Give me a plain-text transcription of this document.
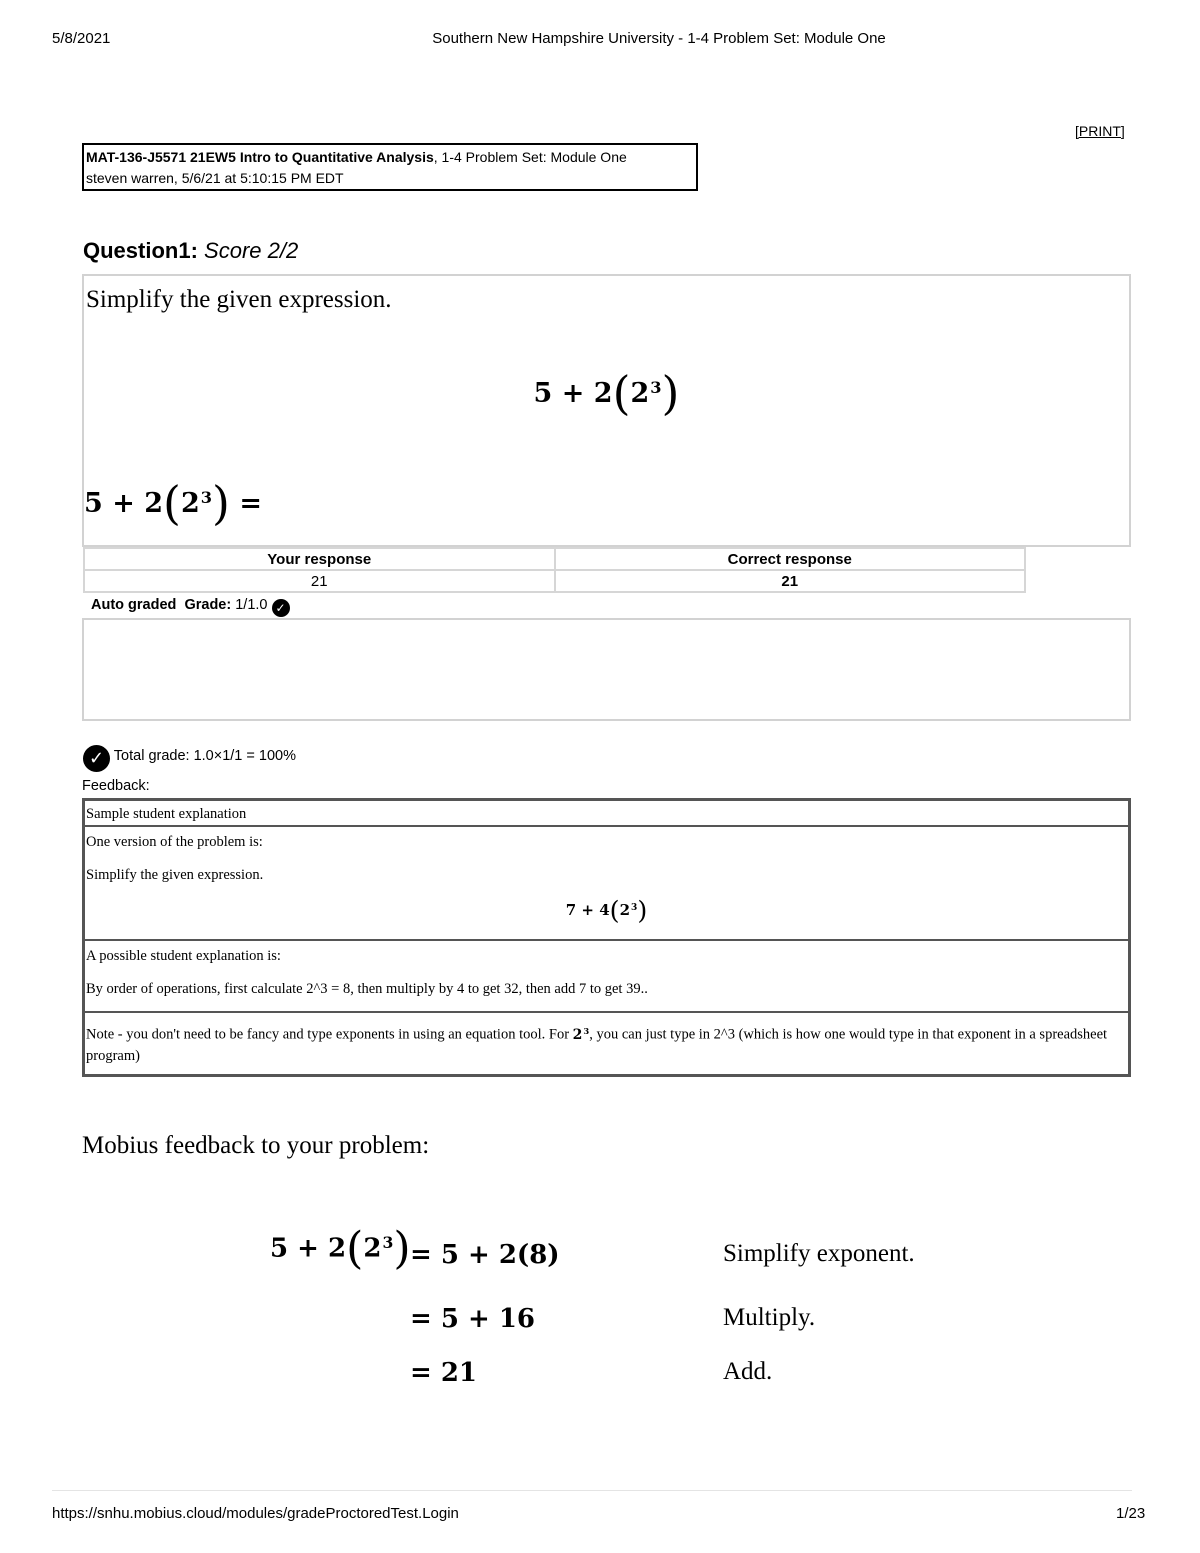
5/8/2021	Southern New Hampshire University - 1-4 Problem Set: Module One
[PRINT]
MAT-136-J5571 21EW5 Intro to Quantitative Analysis, 1-4 Problem Set: Module One
steven warren, 5/6/21 at 5:10:15 PM EDT
Question1: Score 2/2
Simplify the given expression.
$5 + 2(2^3)$
$5 + 2(2^3)$ =
Your response	Correct response
21	21
Auto graded Grade: 1/1.0 ✓
✓ Total grade: 1.0×1/1 = 100%
Feedback:
Sample student explanation
One version of the problem is:
Simplify the given expression.
$7 + 4(2^3)$
A possible student explanation is:
By order of operations, first calculate 2^3 = 8, then multiply by 4 to get 32, then add 7 to get 39..
Note - you don't need to be fancy and type exponents in using an equation tool. For $2^3$, you can just type in 2^3 (which is how one would type in that exponent in a spreadsheet program)
Mobius feedback to your problem:
$5 + 2(2^3) = 5 + 2(8)$	Simplify exponent.
= 5 + 16	Multiply.
= 21	Add.
https://snhu.mobius.cloud/modules/gradeProctoredTest.Login	1/23
